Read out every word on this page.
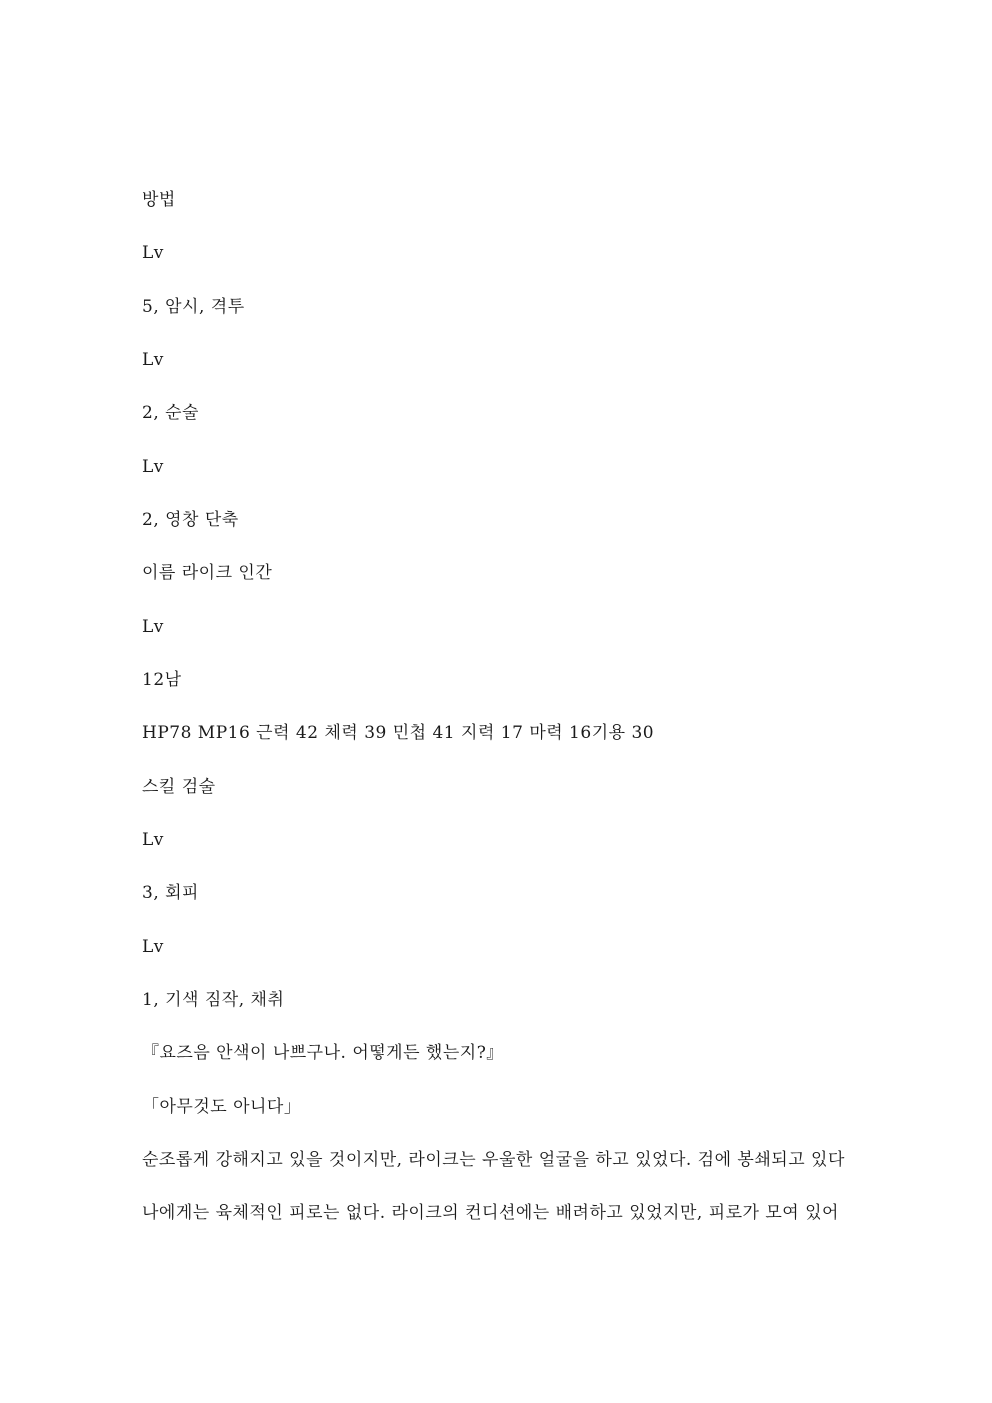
방법

Lv

5, 암시, 격투

Lv

2, 순술

Lv

2, 영창 단축

이름 라이크 인간

Lv

12남

HP78 MP16 근력 42 체력 39 민첩 41 지력 17 마력 16기용 30

스킬 검술

Lv

3, 회피

Lv

1, 기색 짐작, 채취

『요즈음 안색이 나쁘구나. 어떻게든 했는지?』

「아무것도 아니다」

순조롭게 강해지고 있을 것이지만, 라이크는 우울한 얼굴을 하고 있었다. 검에 봉쇄되고 있다

나에게는 육체적인 피로는 없다. 라이크의 컨디션에는 배려하고 있었지만, 피로가 모여 있어
